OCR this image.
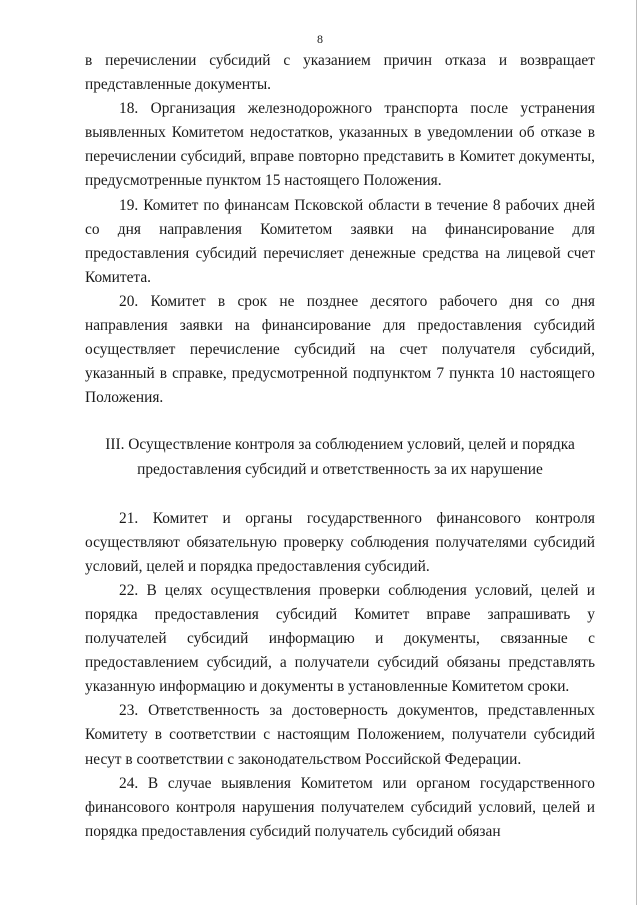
8

в перечислении субсидий с указанием причин отказа и возвращает представленные документы.

18. Организация железнодорожного транспорта после устранения выявленных Комитетом недостатков, указанных в уведомлении об отказе в перечислении субсидий, вправе повторно представить в Комитет документы, предусмотренные пунктом 15 настоящего Положения.

19. Комитет по финансам Псковской области в течение 8 рабочих дней со дня направления Комитетом заявки на финансирование для предоставления субсидий перечисляет денежные средства на лицевой счет Комитета.

20. Комитет в срок не позднее десятого рабочего дня со дня направления заявки на финансирование для предоставления субсидий осуществляет перечисление субсидий на счет получателя субсидий, указанный в справке, предусмотренной подпунктом 7 пункта 10 настоящего Положения.

III. Осуществление контроля за соблюдением условий, целей и порядка
предоставления субсидий и ответственность за их нарушение

21. Комитет и органы государственного финансового контроля осуществляют обязательную проверку соблюдения получателями субсидий условий, целей и порядка предоставления субсидий.

22. В целях осуществления проверки соблюдения условий, целей и порядка предоставления субсидий Комитет вправе запрашивать у получателей субсидий информацию и документы, связанные с предоставлением субсидий, а получатели субсидий обязаны представлять указанную информацию и документы в установленные Комитетом сроки.

23. Ответственность за достоверность документов, представленных Комитету в соответствии с настоящим Положением, получатели субсидий несут в соответствии с законодательством Российской Федерации.

24. В случае выявления Комитетом или органом государственного финансового контроля нарушения получателем субсидий условий, целей и порядка предоставления субсидий получатель субсидий обязан
